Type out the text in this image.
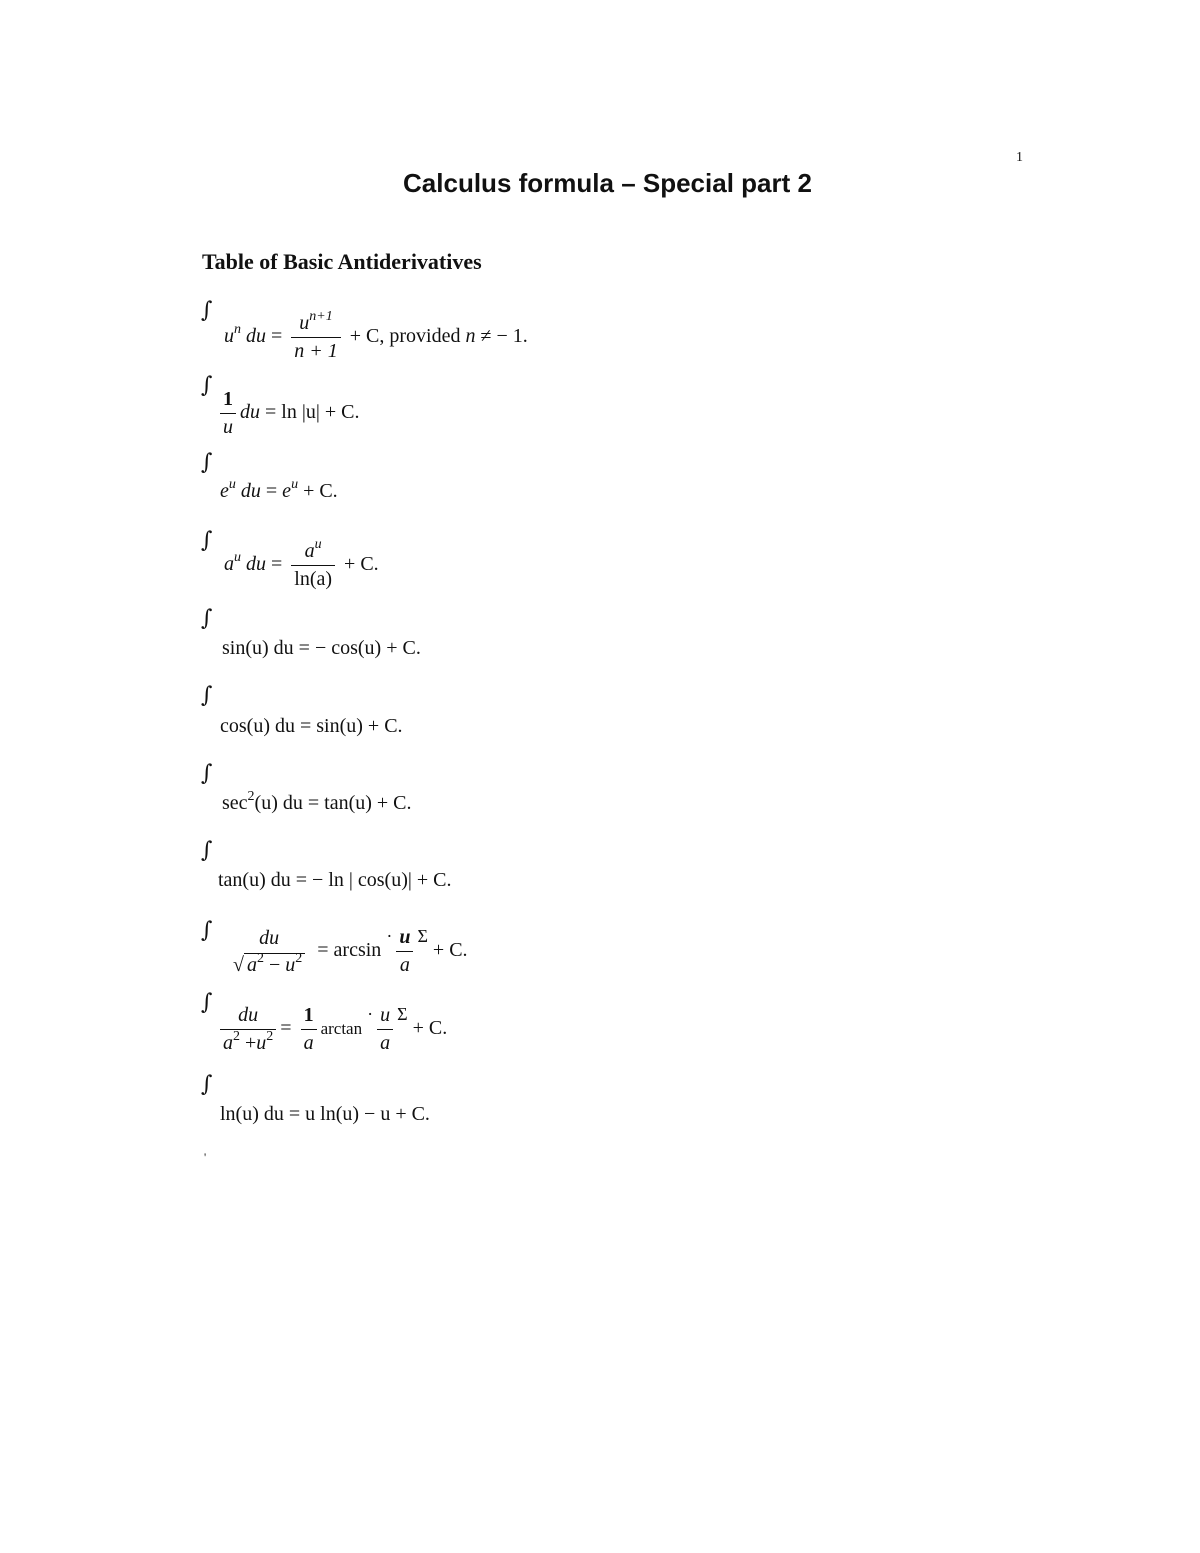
1
Calculus formula – Special part 2
Table of Basic Antiderivatives
∫
$u^n$ du = $\frac{u^{n+1}}{n + 1} + C$, provided n ≠ − 1.
∫
$\frac{1}{u}$ du = ln |u| + C.
∫
$e^u$ du = $e^u + C$.
∫
$a^u$ du = $\frac{a^u}{\ln(a)} + C$.
∫
sin(u) du = − cos(u) + C.
∫
cos(u) du = sin(u) + C.
∫
$\sec^2(u)$ du = tan(u) + C.
∫
tan(u) du = − ln | cos(u)| + C.
∫	du
√ $a^2 - u^2 = \arcsin \cdot \frac{u}{a}$ Σ + C.
∫
$\frac{du}{a^2 +u^2} = \frac{1}{a}$ $\arctan \cdot \frac{u}{a}$ Σ + C.
∫
ln(u) du = u ln(u) − u + C.
'
